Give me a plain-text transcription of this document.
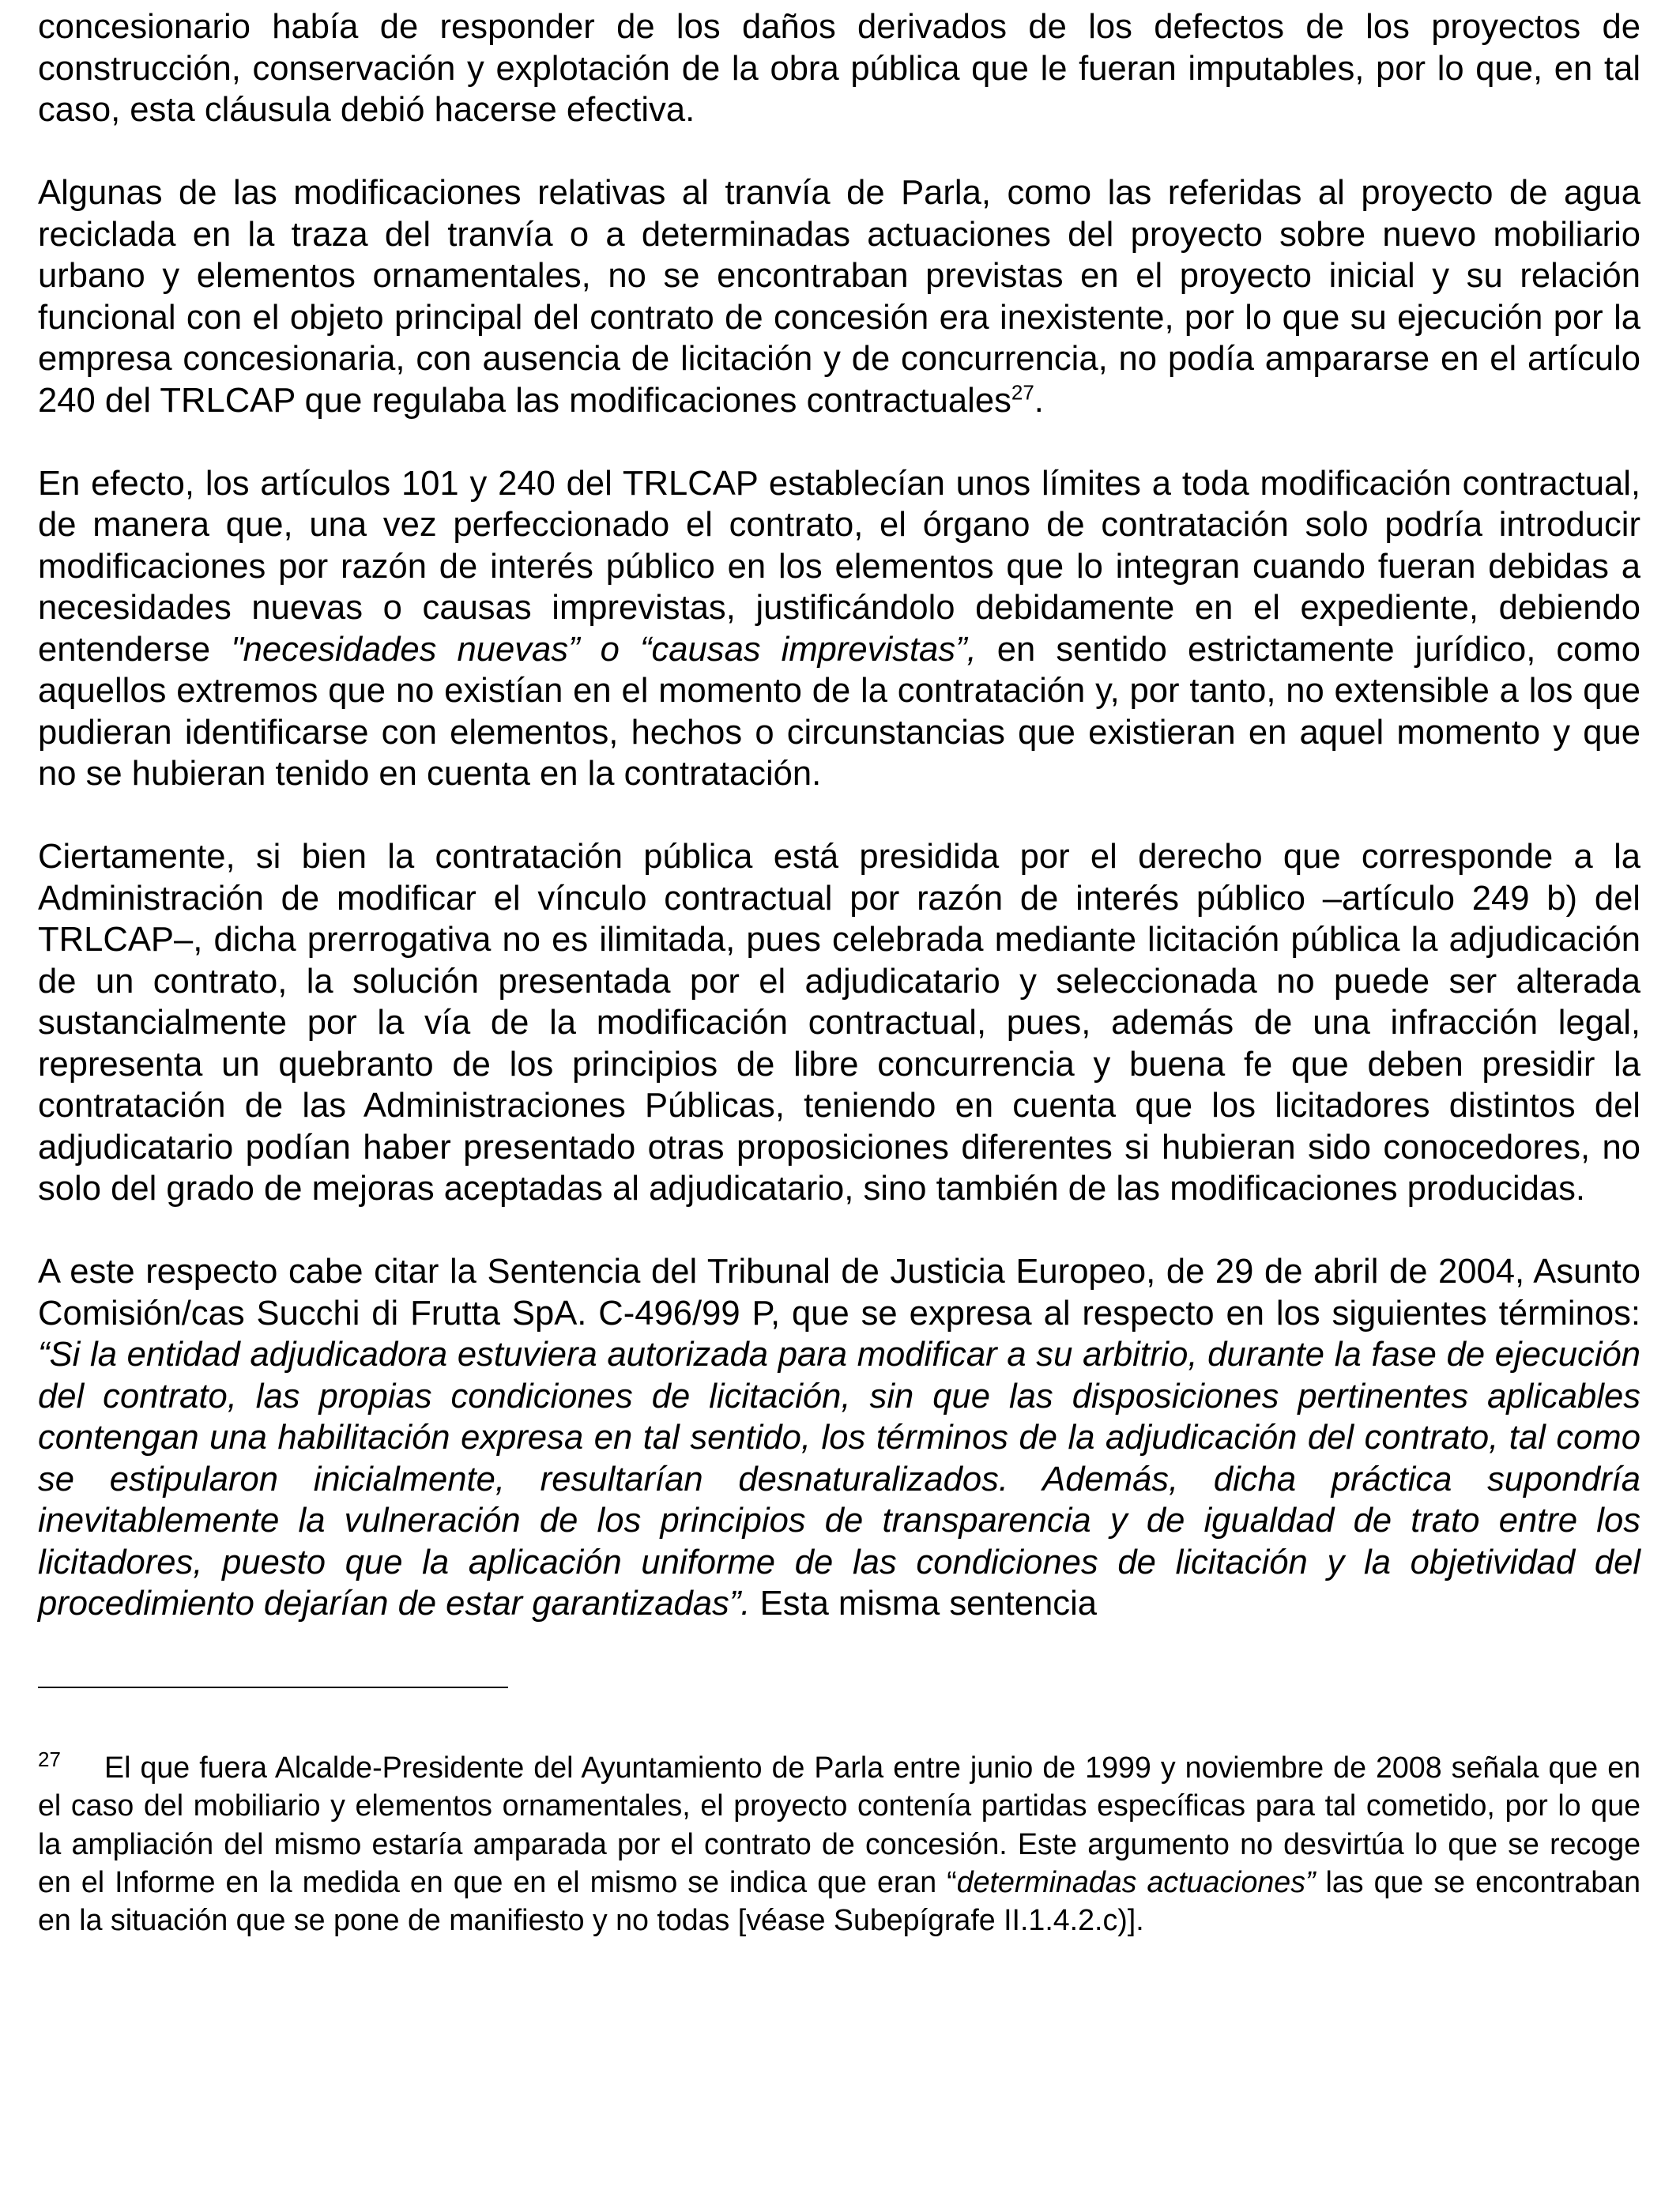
concesionario había de responder de los daños derivados de los defectos de los proyectos de construcción, conservación y explotación de la obra pública que le fueran imputables, por lo que, en tal caso, esta cláusula debió hacerse efectiva.

Algunas de las modificaciones relativas al tranvía de Parla, como las referidas al proyecto de agua reciclada en la traza del tranvía o a determinadas actuaciones del proyecto sobre nuevo mobiliario urbano y elementos ornamentales, no se encontraban previstas en el proyecto inicial y su relación funcional con el objeto principal del contrato de concesión era inexistente, por lo que su ejecución por la empresa concesionaria, con ausencia de licitación y de concurrencia, no podía ampararse en el artículo 240 del TRLCAP que regulaba las modificaciones contractuales$^{27}$.

En efecto, los artículos 101 y 240 del TRLCAP establecían unos límites a toda modificación contractual, de manera que, una vez perfeccionado el contrato, el órgano de contratación solo podría introducir modificaciones por razón de interés público en los elementos que lo integran cuando fueran debidas a necesidades nuevas o causas imprevistas, justificándolo debidamente en el expediente, debiendo entenderse "necesidades nuevas” o “causas imprevistas”, en sentido estrictamente jurídico, como aquellos extremos que no existían en el momento de la contratación y, por tanto, no extensible a los que pudieran identificarse con elementos, hechos o circunstancias que existieran en aquel momento y que no se hubieran tenido en cuenta en la contratación.

Ciertamente, si bien la contratación pública está presidida por el derecho que corresponde a la Administración de modificar el vínculo contractual por razón de interés público –artículo 249 b) del TRLCAP–, dicha prerrogativa no es ilimitada, pues celebrada mediante licitación pública la adjudicación de un contrato, la solución presentada por el adjudicatario y seleccionada no puede ser alterada sustancialmente por la vía de la modificación contractual, pues, además de una infracción legal, representa un quebranto de los principios de libre concurrencia y buena fe que deben presidir la contratación de las Administraciones Públicas, teniendo en cuenta que los licitadores distintos del adjudicatario podían haber presentado otras proposiciones diferentes si hubieran sido conocedores, no solo del grado de mejoras aceptadas al adjudicatario, sino también de las modificaciones producidas.

A este respecto cabe citar la Sentencia del Tribunal de Justicia Europeo, de 29 de abril de 2004, Asunto Comisión/cas Succhi di Frutta SpA. C-496/99 P, que se expresa al respecto en los siguientes términos: “Si la entidad adjudicadora estuviera autorizada para modificar a su arbitrio, durante la fase de ejecución del contrato, las propias condiciones de licitación, sin que las disposiciones pertinentes aplicables contengan una habilitación expresa en tal sentido, los términos de la adjudicación del contrato, tal como se estipularon inicialmente, resultarían desnaturalizados. Además, dicha práctica supondría inevitablemente la vulneración de los principios de transparencia y de igualdad de trato entre los licitadores, puesto que la aplicación uniforme de las condiciones de licitación y la objetividad del procedimiento dejarían de estar garantizadas”. Esta misma sentencia

27 El que fuera Alcalde-Presidente del Ayuntamiento de Parla entre junio de 1999 y noviembre de 2008 señala que en el caso del mobiliario y elementos ornamentales, el proyecto contenía partidas específicas para tal cometido, por lo que la ampliación del mismo estaría amparada por el contrato de concesión. Este argumento no desvirtúa lo que se recoge en el Informe en la medida en que en el mismo se indica que eran “determinadas actuaciones” las que se encontraban en la situación que se pone de manifiesto y no todas [véase Subepígrafe II.1.4.2.c)].
